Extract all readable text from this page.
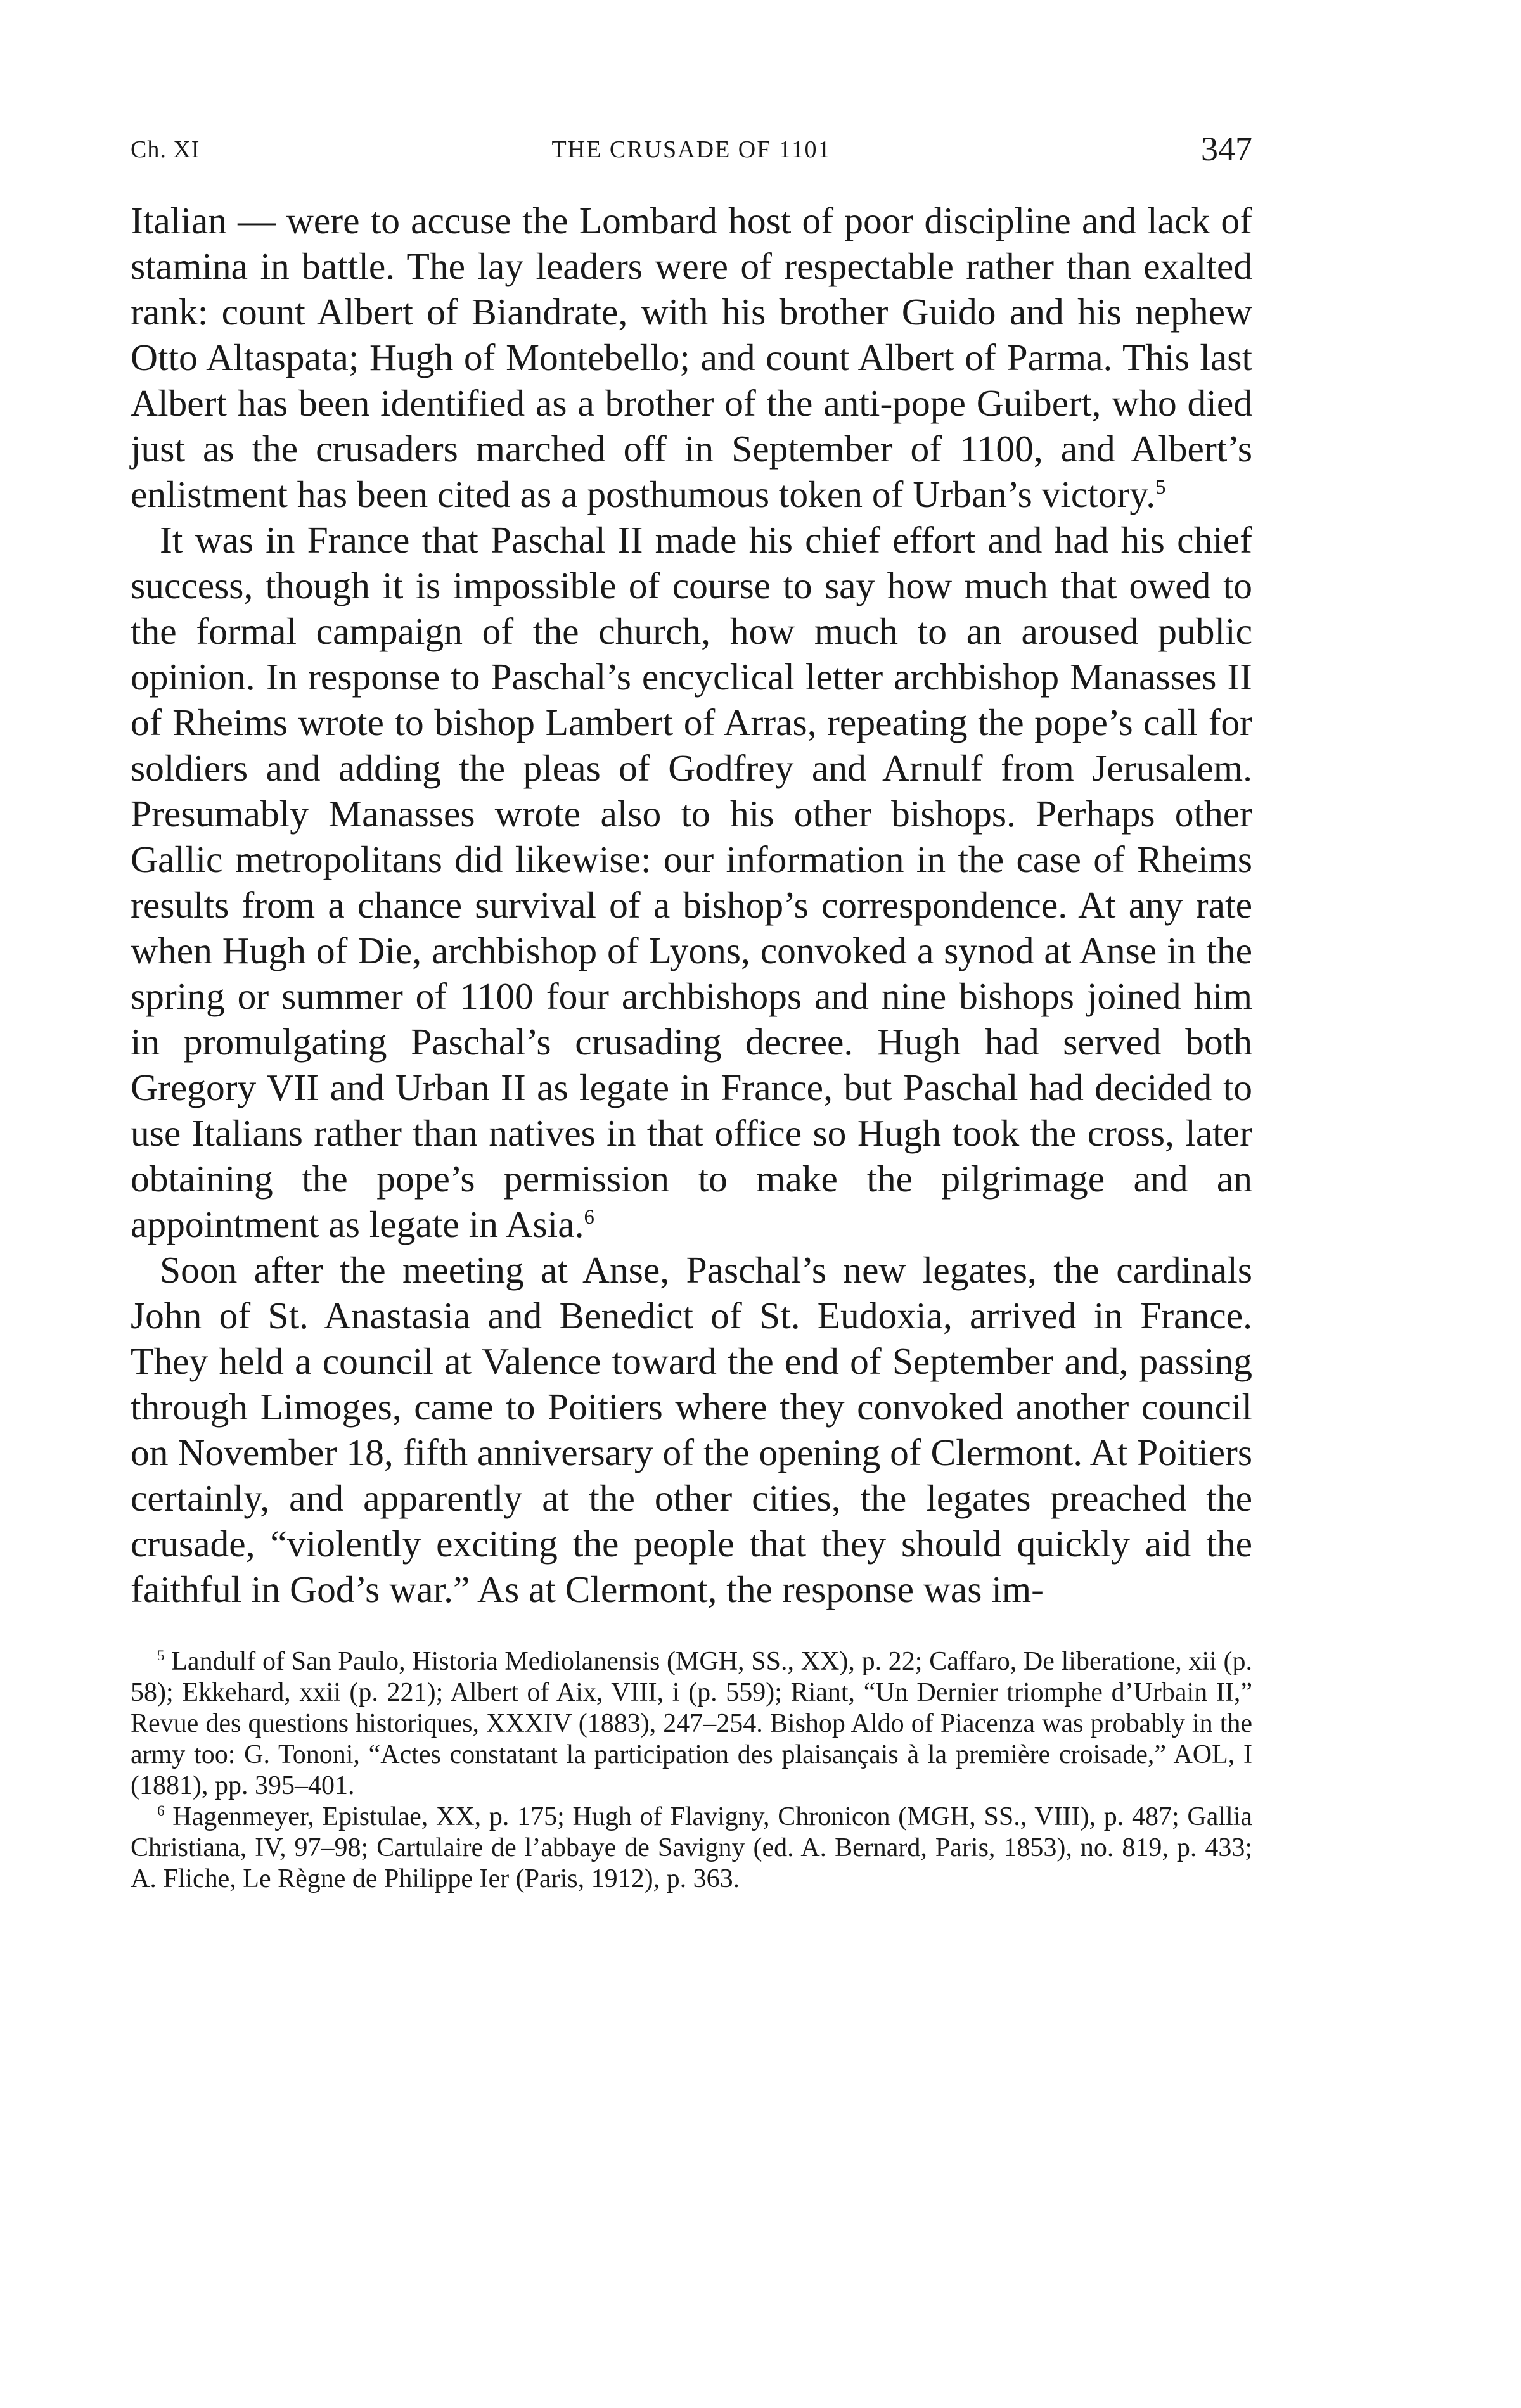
Ch. XI	THE CRUSADE OF 1101	347

Italian — were to accuse the Lombard host of poor discipline and lack of stamina in battle. The lay leaders were of respectable rather than exalted rank: count Albert of Biandrate, with his brother Guido and his nephew Otto Altaspata; Hugh of Montebello; and count Albert of Parma. This last Albert has been identified as a brother of the anti-pope Guibert, who died just as the crusaders marched off in September of 1100, and Albert’s enlistment has been cited as a posthumous token of Urban’s victory.$^5$

It was in France that Paschal II made his chief effort and had his chief success, though it is impossible of course to say how much that owed to the formal campaign of the church, how much to an aroused public opinion. In response to Paschal’s encyclical letter archbishop Manasses II of Rheims wrote to bishop Lambert of Arras, repeating the pope’s call for soldiers and adding the pleas of Godfrey and Arnulf from Jerusalem. Presumably Manasses wrote also to his other bishops. Perhaps other Gallic metropolitans did likewise: our information in the case of Rheims results from a chance survival of a bishop’s correspondence. At any rate when Hugh of Die, archbishop of Lyons, convoked a synod at Anse in the spring or summer of 1100 four archbishops and nine bishops joined him in promulgating Paschal’s crusading decree. Hugh had served both Gregory VII and Urban II as legate in France, but Paschal had decided to use Italians rather than natives in that office so Hugh took the cross, later obtaining the pope’s permission to make the pilgrimage and an appointment as legate in Asia.$^6$

Soon after the meeting at Anse, Paschal’s new legates, the cardinals John of St. Anastasia and Benedict of St. Eudoxia, arrived in France. They held a council at Valence toward the end of September and, passing through Limoges, came to Poitiers where they convoked another council on November 18, fifth anniversary of the opening of Clermont. At Poitiers certainly, and apparently at the other cities, the legates preached the crusade, “violently exciting the people that they should quickly aid the faithful in God’s war.” As at Clermont, the response was im-

$^5$ Landulf of San Paulo, Historia Mediolanensis (MGH, SS., XX), p. 22; Caffaro, De liberatione, xii (p. 58); Ekkehard, xxii (p. 221); Albert of Aix, VIII, i (p. 559); Riant, “Un Dernier triomphe d’Urbain II,” Revue des questions historiques, XXXIV (1883), 247–254. Bishop Aldo of Piacenza was probably in the army too: G. Tononi, “Actes constatant la participation des plaisançais à la première croisade,” AOL, I (1881), pp. 395–401.

$^6$ Hagenmeyer, Epistulae, XX, p. 175; Hugh of Flavigny, Chronicon (MGH, SS., VIII), p. 487; Gallia Christiana, IV, 97–98; Cartulaire de l’abbaye de Savigny (ed. A. Bernard, Paris, 1853), no. 819, p. 433; A. Fliche, Le Règne de Philippe Ier (Paris, 1912), p. 363.
